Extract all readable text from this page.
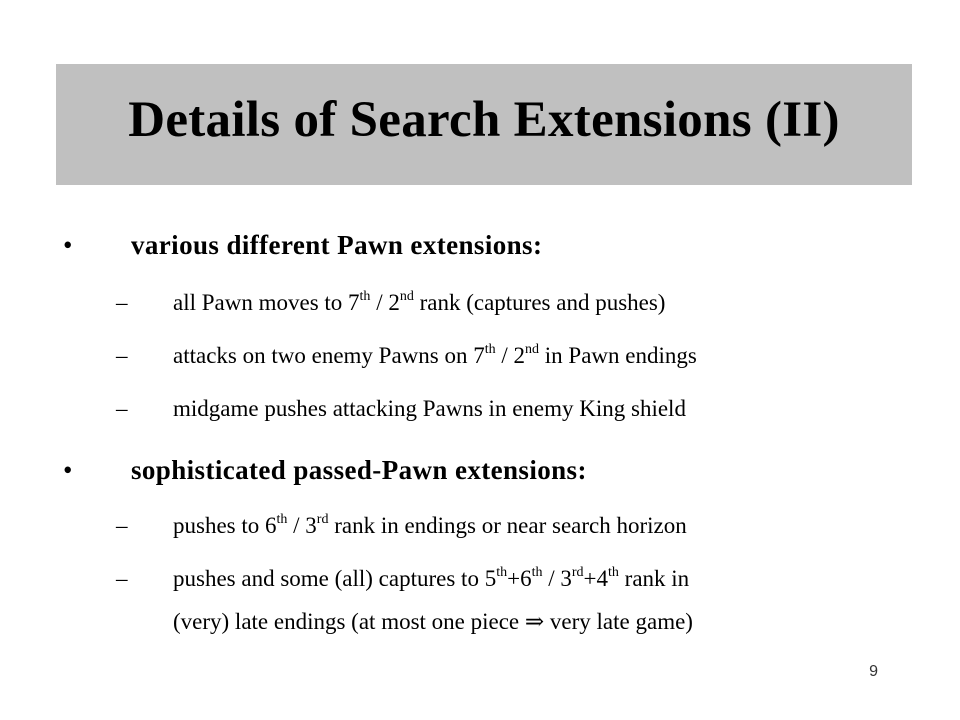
Details of Search Extensions (II)
• various different Pawn extensions:
– all Pawn moves to 7th / 2nd rank (captures and pushes)
– attacks on two enemy Pawns on 7th / 2nd in Pawn endings
– midgame pushes attacking Pawns in enemy King shield
• sophisticated passed-Pawn extensions:
– pushes to 6th / 3rd rank in endings or near search horizon
– pushes and some (all) captures to 5th+6th / 3rd+4th rank in
(very) late endings (at most one piece ⇒ very late game)
9
